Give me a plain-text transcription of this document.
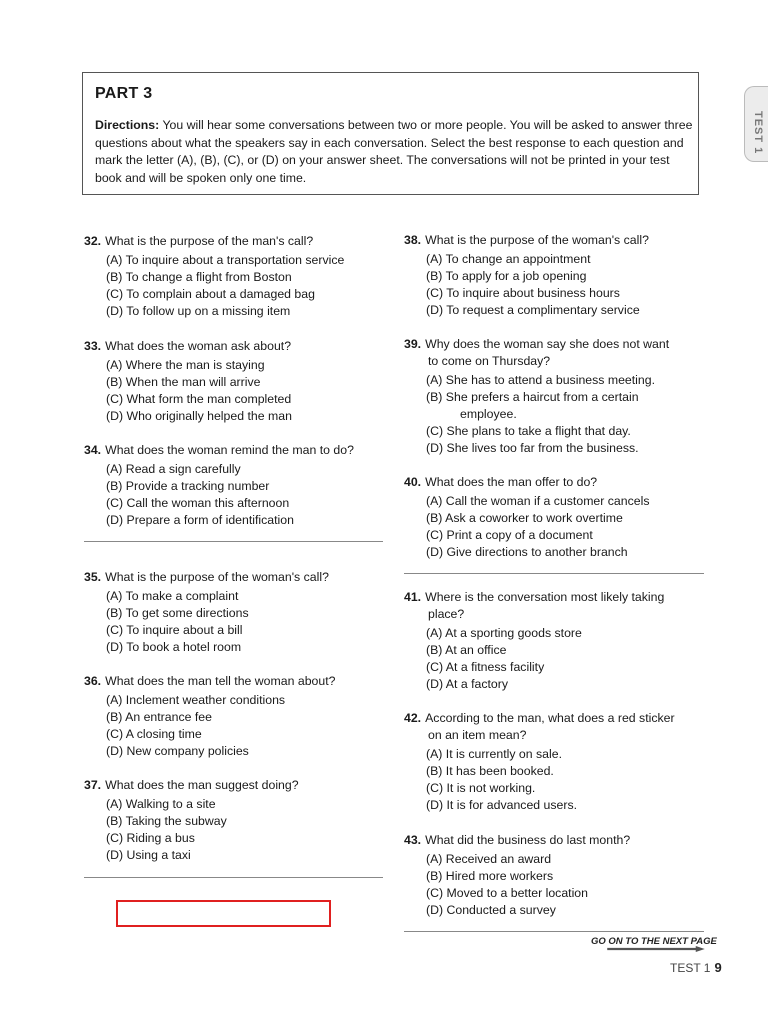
PART 3
Directions: You will hear some conversations between two or more people. You will be asked to answer three questions about what the speakers say in each conversation. Select the best response to each question and mark the letter (A), (B), (C), or (D) on your answer sheet. The conversations will not be printed in your test book and will be spoken only one time.
TEST 1
32. What is the purpose of the man's call?
(A) To inquire about a transportation service
(B) To change a flight from Boston
(C) To complain about a damaged bag
(D) To follow up on a missing item
33. What does the woman ask about?
(A) Where the man is staying
(B) When the man will arrive
(C) What form the man completed
(D) Who originally helped the man
34. What does the woman remind the man to do?
(A) Read a sign carefully
(B) Provide a tracking number
(C) Call the woman this afternoon
(D) Prepare a form of identification
35. What is the purpose of the woman's call?
(A) To make a complaint
(B) To get some directions
(C) To inquire about a bill
(D) To book a hotel room
36. What does the man tell the woman about?
(A) Inclement weather conditions
(B) An entrance fee
(C) A closing time
(D) New company policies
37. What does the man suggest doing?
(A) Walking to a site
(B) Taking the subway
(C) Riding a bus
(D) Using a taxi
38. What is the purpose of the woman's call?
(A) To change an appointment
(B) To apply for a job opening
(C) To inquire about business hours
(D) To request a complimentary service
39. Why does the woman say she does not want
to come on Thursday?
(A) She has to attend a business meeting.
(B) She prefers a haircut from a certain
employee.
(C) She plans to take a flight that day.
(D) She lives too far from the business.
40. What does the man offer to do?
(A) Call the woman if a customer cancels
(B) Ask a coworker to work overtime
(C) Print a copy of a document
(D) Give directions to another branch
41. Where is the conversation most likely taking
place?
(A) At a sporting goods store
(B) At an office
(C) At a fitness facility
(D) At a factory
42. According to the man, what does a red sticker
on an item mean?
(A) It is currently on sale.
(B) It has been booked.
(C) It is not working.
(D) It is for advanced users.
43. What did the business do last month?
(A) Received an award
(B) Hired more workers
(C) Moved to a better location
(D) Conducted a survey
GO ON TO THE NEXT PAGE
TEST 1 9
